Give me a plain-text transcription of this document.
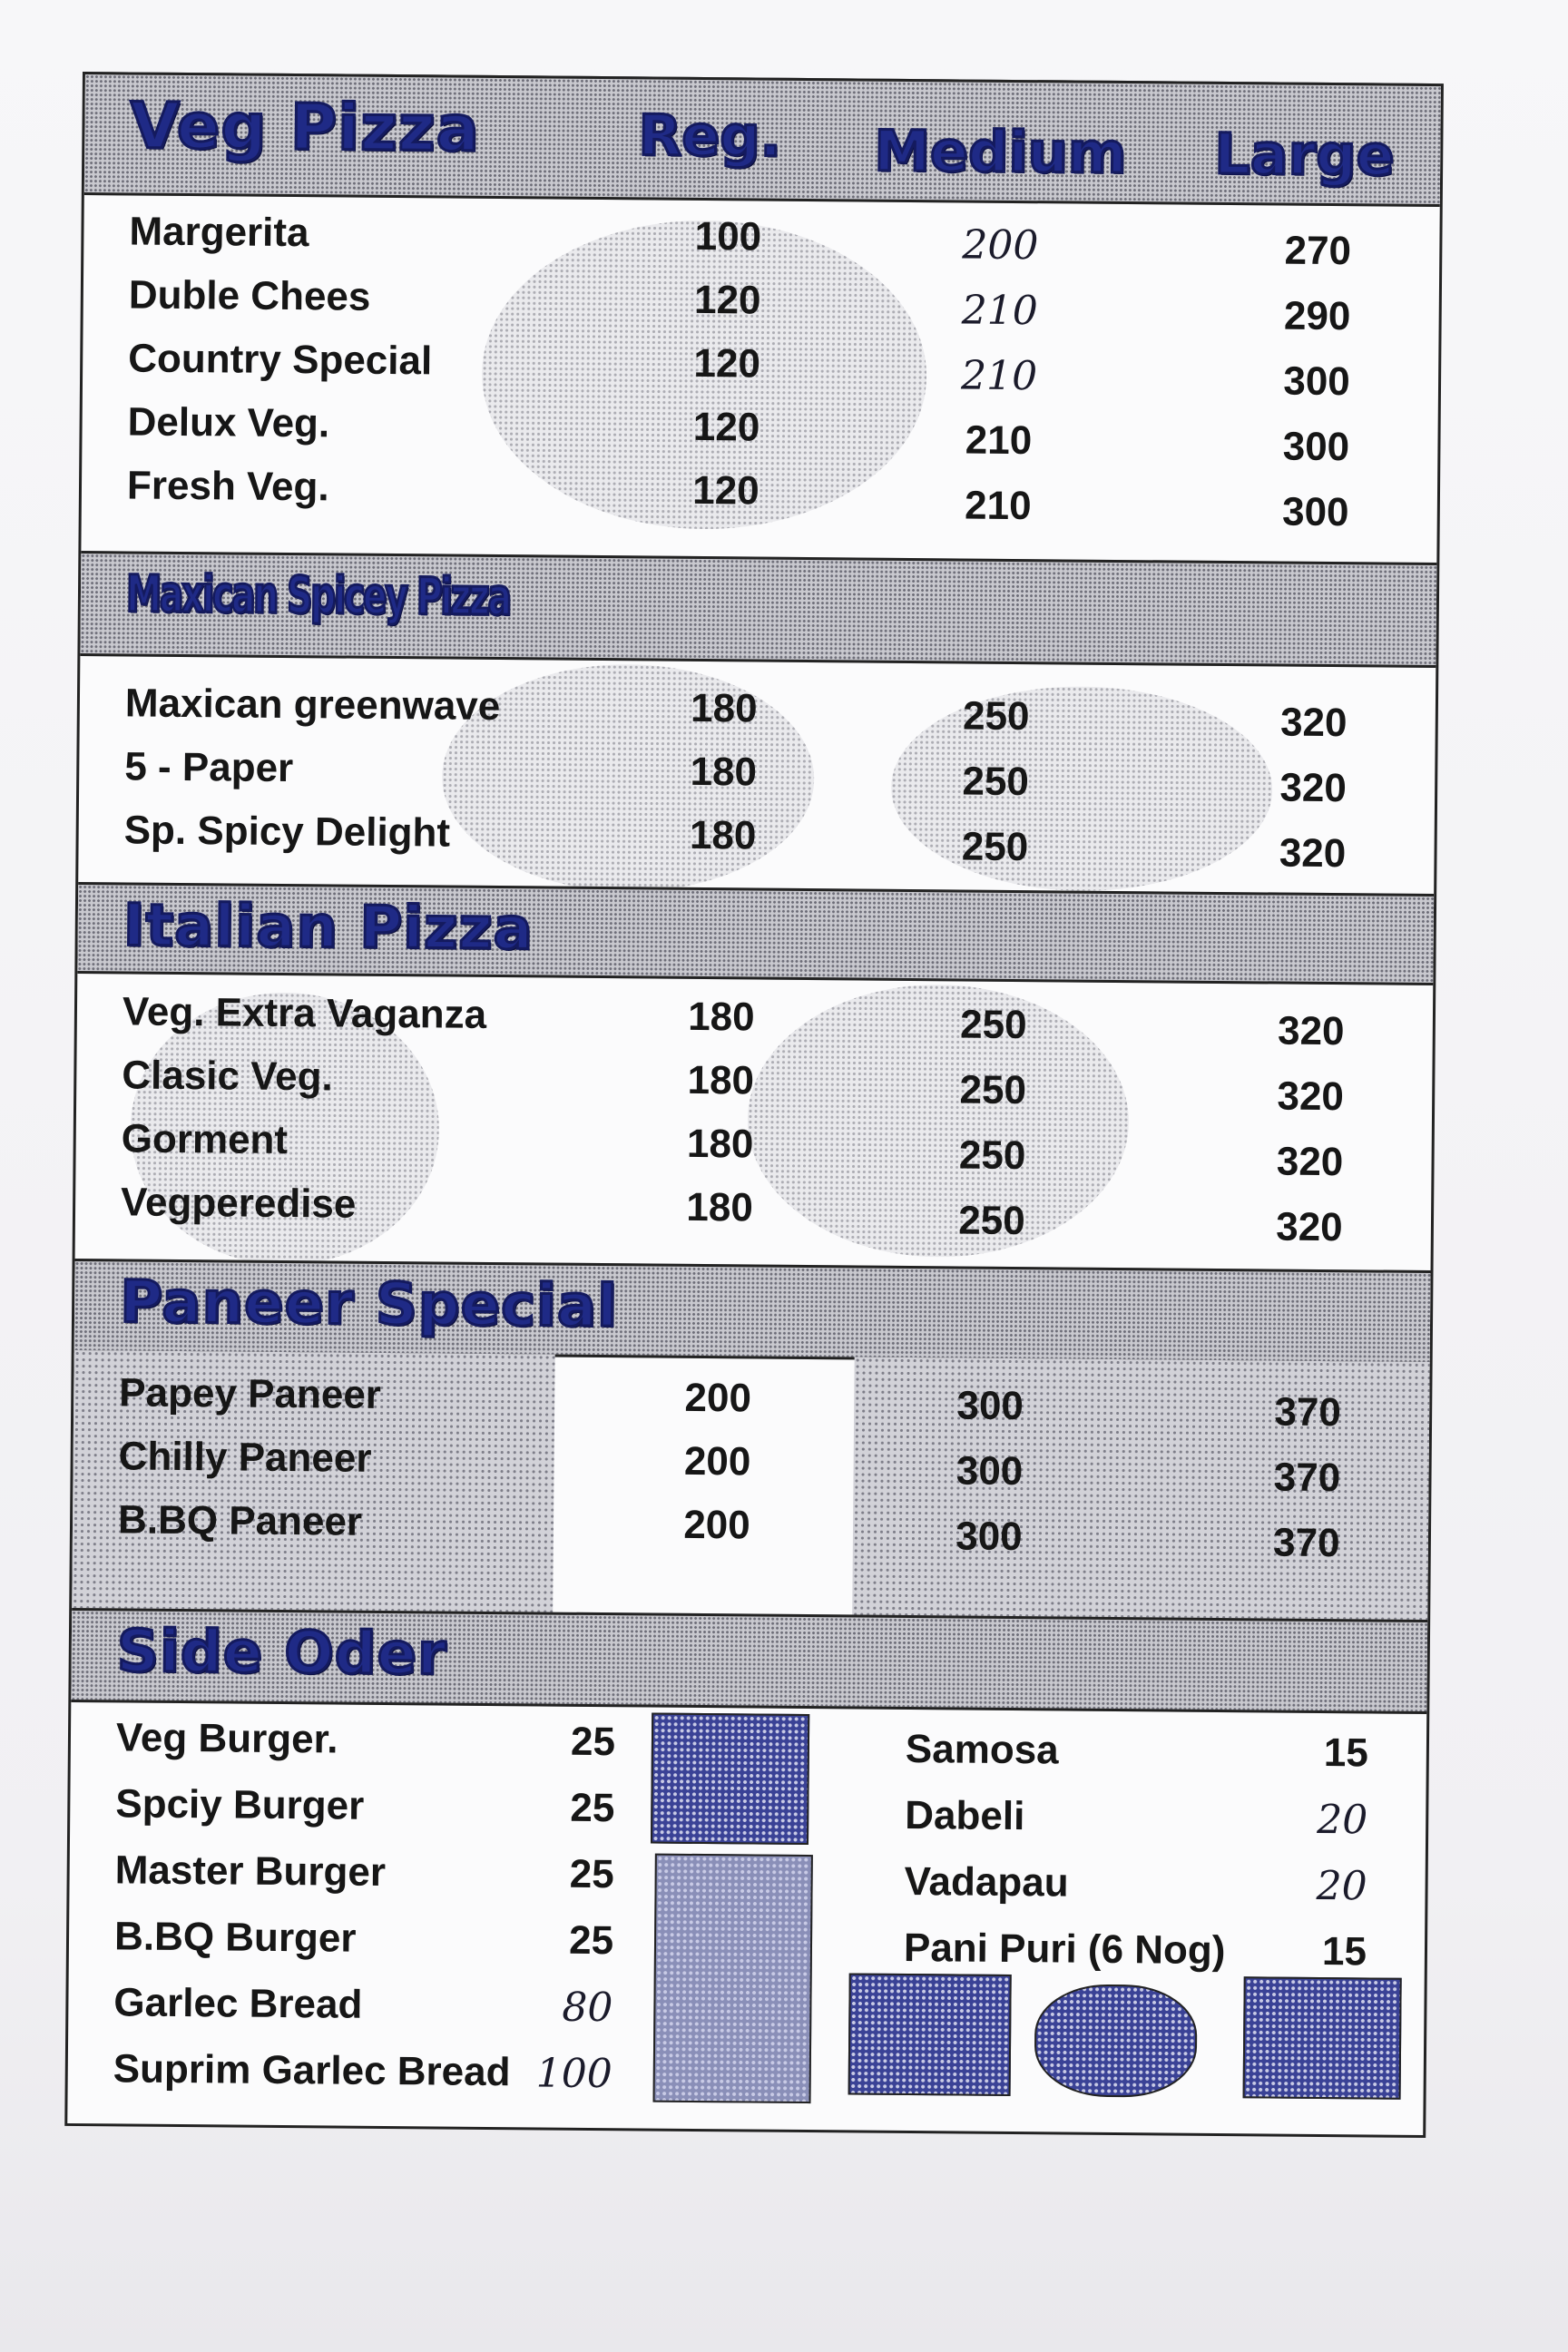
Veg Pizza	Reg. Medium Large
Margerita	100	200	270
Duble Chees	120	210	290
Country Special	120	210	300
Delux Veg.	120	210	300
Fresh Veg.	120	210	300
Maxican Spicey Pizza
Maxican greenwave	180	250	320
5 - Paper	180	250	320
Sp. Spicy Delight	180	250	320
Italian Pizza
Veg. Extra Vaganza	180	250	320
Clasic Veg.	180	250	320
Gorment	180	250	320
Vegperedise	180	250	320
Paneer Special
Papey Paneer	200	300	370
Chilly Paneer	200	300	370
B.BQ Paneer	200	300	370
Side Oder
Veg Burger.	25
Spciy Burger	25
Master Burger	25
B.BQ Burger	25
Garlec Bread	80
Suprim Garlec Bread 100
Samosa	15
Dabeli	20
Vadapau	20
Pani Puri (6 Nog)	15
